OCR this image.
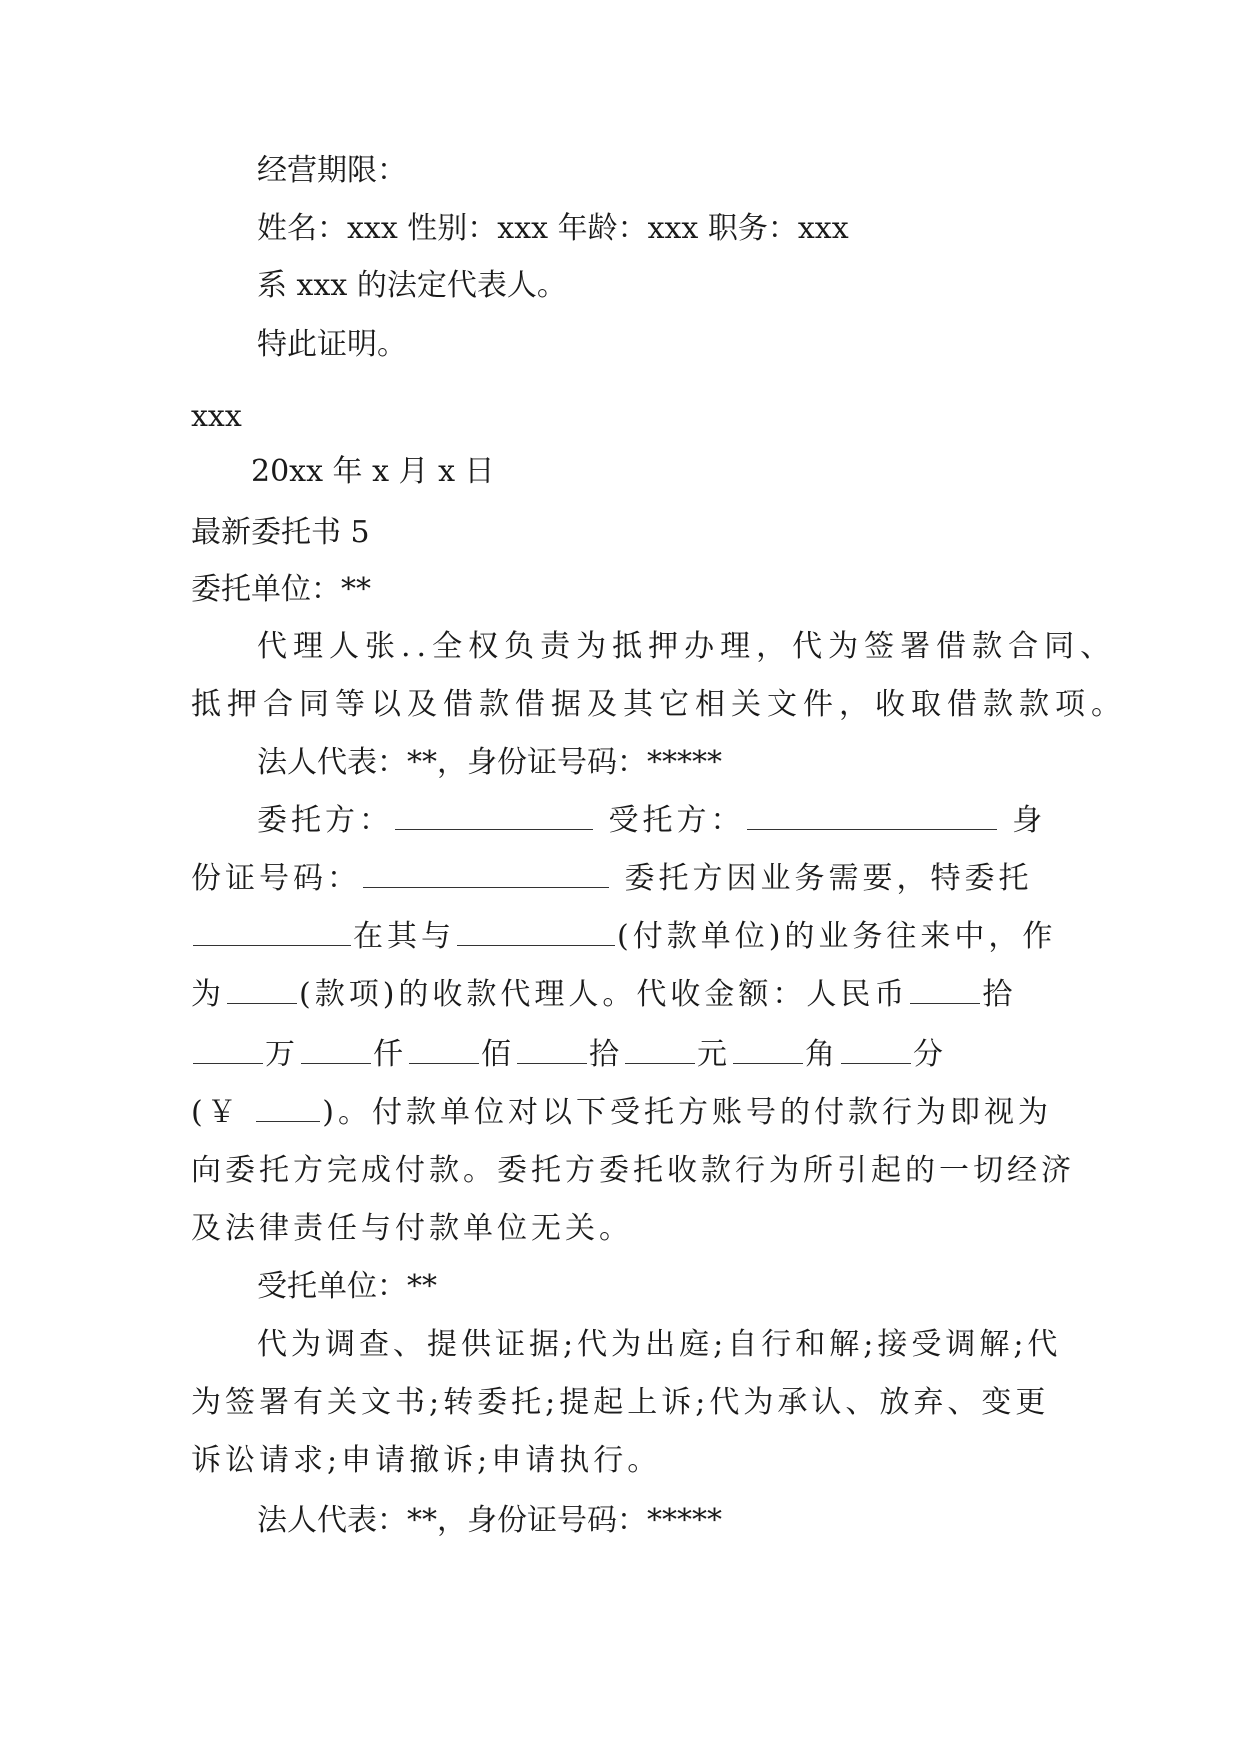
经营期限：
姓名：xxx 性别：xxx 年龄：xxx 职务：xxx
系 xxx 的法定代表人。
特此证明。
xxx
20xx 年 x 月 x 日
最新委托书 5
委托单位：**
代理人张..全权负责为抵押办理，代为签署借款合同、
抵押合同等以及借款借据及其它相关文件，收取借款款项。
法人代表：**，身份证号码：*****
委托方：	受托方：	身
份证号码：	委托方因业务需要，特委托
在其与	(付款单位)的业务往来中，作
为 (款项)的收款代理人。代收金额：人民币 拾
万 仟 佰 拾 元 角 分
(￥	)。付款单位对以下受托方账号的付款行为即视为
向委托方完成付款。委托方委托收款行为所引起的一切经济
及法律责任与付款单位无关。
受托单位：**
代为调查、提供证据;代为出庭;自行和解;接受调解;代
为签署有关文书;转委托;提起上诉;代为承认、放弃、变更
诉讼请求;申请撤诉;申请执行。
法人代表：**，身份证号码：*****
